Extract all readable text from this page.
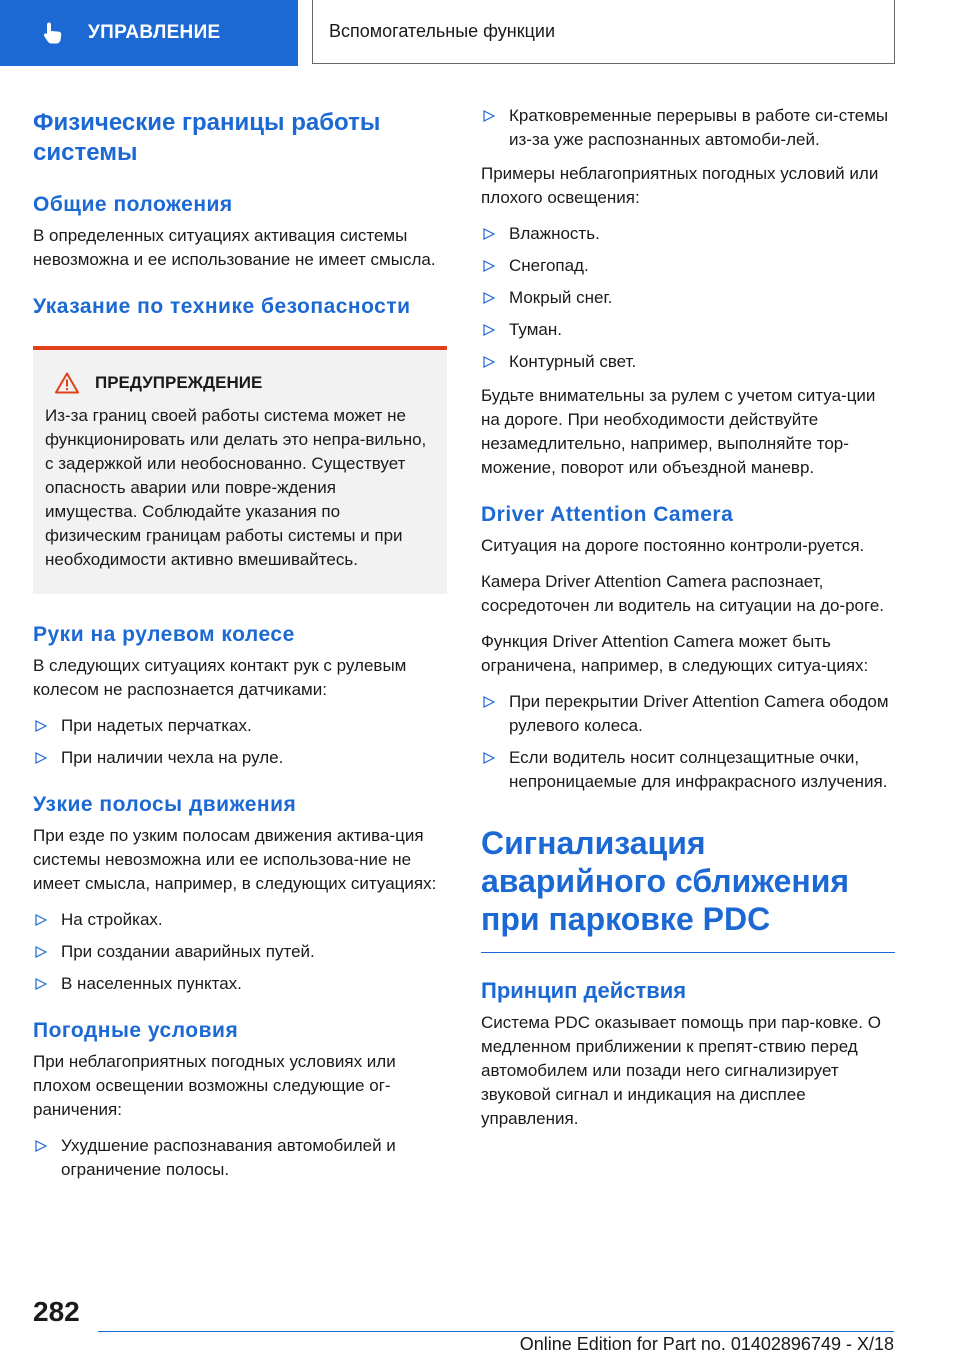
УПРАВЛЕНИЕ	Вспомогательные функции
Физические границы работы системы
Общие положения

В определенных ситуациях активация системы невозможна и ее использование не имеет смысла.

Указание по технике безопасности
ПРЕДУПРЕЖДЕНИЕ

Из-за границ своей работы система может не функционировать или делать это непра-вильно, с задержкой или необоснованно. Существует опасность аварии или повре-ждения имущества. Соблюдайте указания по физическим границам работы системы и при необходимости активно вмешивайтесь.

Руки на рулевом колесе

В следующих ситуациях контакт рук с рулевым колесом не распознается датчиками:

При надетых перчатках.
При наличии чехла на руле.
Узкие полосы движения

При езде по узким полосам движения актива-ция системы невозможна или ее использова-ние не имеет смысла, например, в следующих ситуациях:

На стройках.
При создании аварийных путей.
В населенных пунктах.
Погодные условия

При неблагоприятных погодных условиях или плохом освещении возможны следующие ог-раничения:

Ухудшение распознавания автомобилей и ограничение полосы.
Кратковременные перерывы в работе си-стемы из-за уже распознанных автомоби-лей.

Примеры неблагоприятных погодных условий или плохого освещения:

Влажность.
Снегопад.
Мокрый снег.
Туман.
Контурный свет.

Будьте внимательны за рулем с учетом ситуа-ции на дороге. При необходимости действуйте незамедлительно, например, выполняйте тор-можение, поворот или объездной маневр.

Driver Attention Camera

Ситуация на дороге постоянно контроли-руется.

Камера Driver Attention Camera распознает, сосредоточен ли водитель на ситуации на до-роге.

Функция Driver Attention Camera может быть ограничена, например, в следующих ситуа-циях:

При перекрытии Driver Attention Camera ободом рулевого колеса.
Если водитель носит солнцезащитные очки, непроницаемые для инфракрасного излучения.
Сигнализация аварийного сближения при парковке PDC
Принцип действия

Система PDC оказывает помощь при пар-ковке. О медленном приближении к препят-ствию перед автомобилем или позади него сигнализирует звуковой сигнал и индикация на дисплее управления.

282
Online Edition for Part no. 01402896749 - X/18
